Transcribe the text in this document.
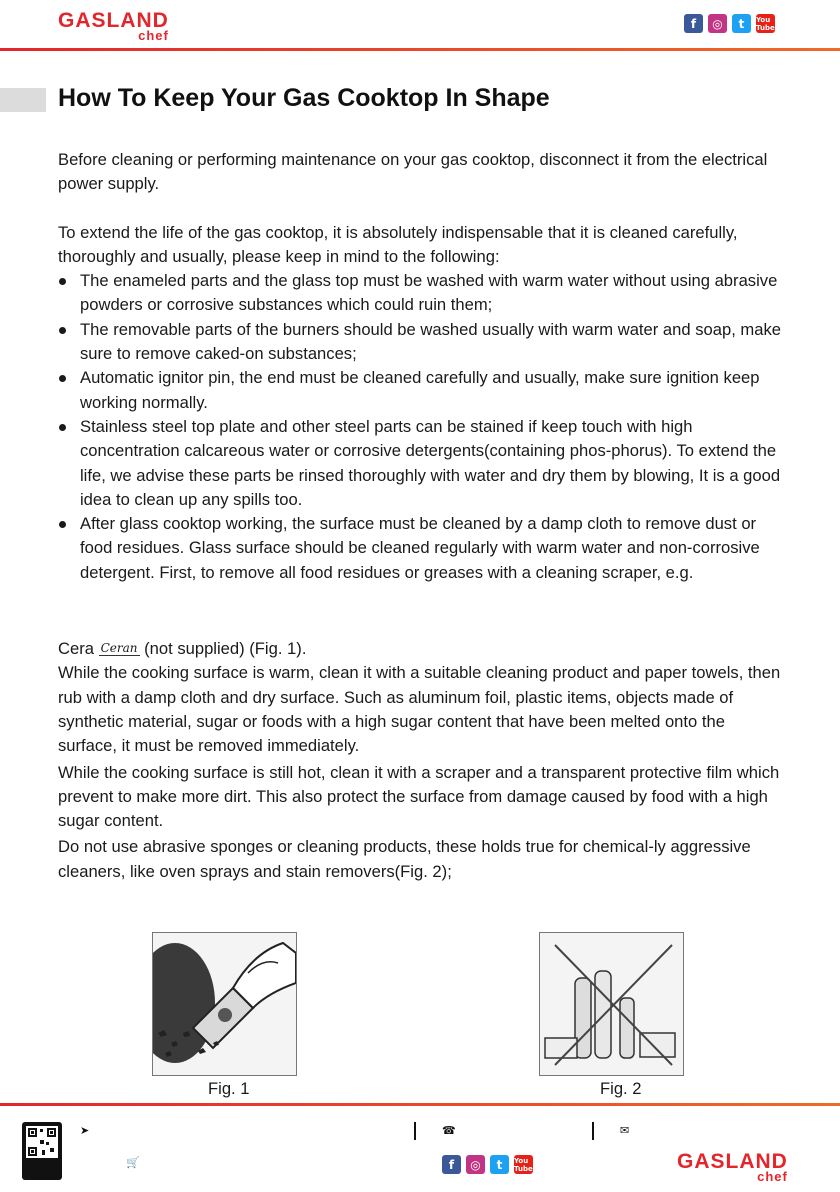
GASLAND
chef
f	◎	t	You Tube
How To Keep Your Gas Cooktop In Shape

Before cleaning or performing maintenance on your gas cooktop, disconnect it from the electrical power supply.

To extend the life of the gas cooktop, it is absolutely indispensable that it is cleaned carefully, thoroughly and usually, please keep in mind to the following:

The enameled parts and the glass top must be washed with warm water without using abrasive powders or corrosive substances which could ruin them;
The removable parts of the burners should be washed usually with warm water and soap, make sure to remove caked-on substances;
Automatic ignitor pin, the end must be cleaned carefully and usually, make sure ignition keep working normally.
Stainless steel top plate and other steel parts can be stained if keep touch with high concentration calcareous water or corrosive detergents(containing phos-phorus). To extend the life, we advise these parts be rinsed thoroughly with water and dry them by blowing, It is a good idea to clean up any spills too.
After glass cooktop working, the surface must be cleaned by a damp cloth to remove dust or food residues. Glass surface should be cleaned regularly with warm water and non-corrosive detergent. First, to remove all food residues or greases with a cleaning scraper, e.g.

Cera Ceran (not supplied) (Fig. 1).

While the cooking surface is warm, clean it with a suitable cleaning product and paper towels, then rub with a damp cloth and dry surface. Such as aluminum foil, plastic items, objects made of synthetic material, sugar or foods with a high sugar content that have been melted onto the surface, it must be removed immediately.

While the cooking surface is still hot, clean it with a scraper and a transparent protective film which prevent to make more dirt. This also protect the surface from damage caused by food with a high sugar content.

Do not use abrasive sponges or cleaning products, these holds true for chemical-ly aggressive cleaners, like oven sprays and stain removers(Fig. 2);

Fig. 1	Fig. 2
➤
🛒
☎	✉
f	◎	t	You Tube	GASLAND
chef
